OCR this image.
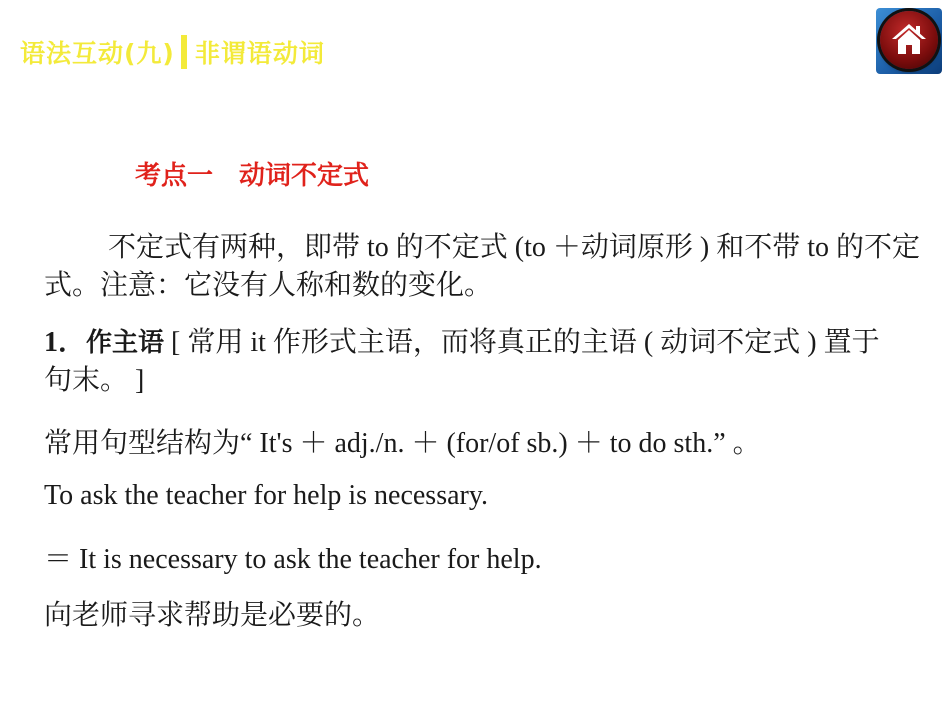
语法互动(九) 非谓语动词
考点一　动词不定式

不定式有两种，即带 to 的不定式 (to ＋动词原形 ) 和不带 to 的不定式。注意：它没有人称和数的变化。

1．作主语 [ 常用 it 作形式主语，而将真正的主语 ( 动词不定式 ) 置于句末。 ]

常用句型结构为“ It's ＋ adj./n. ＋ (for/of sb.) ＋ to do sth.” 。

To ask the teacher for help is necessary.

＝ It is necessary to ask the teacher for help.

向老师寻求帮助是必要的。
